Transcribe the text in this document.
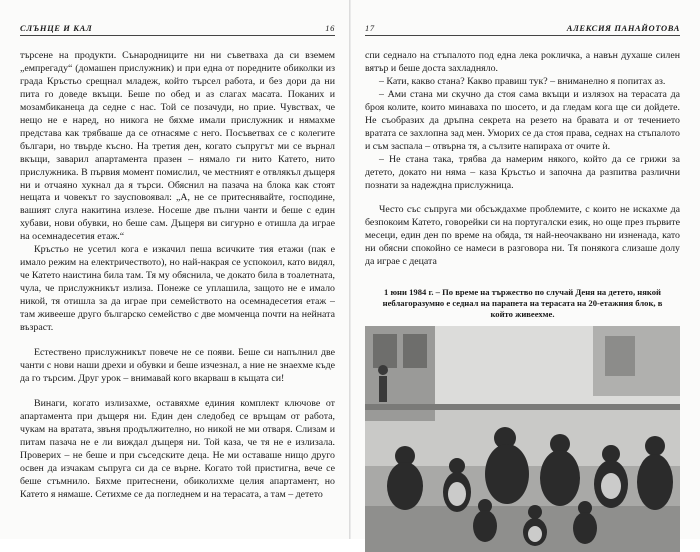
СЛЪНЦЕ И КАЛ	16

търсене на продукти. Сънародниците ни ни съветваха да си вземем „емпрегаду“ (домашен прислужник) и при една от поредните обиколки из града Кръстьо срещнал младеж, който търсел работа, и без дори да ни пита го доведе вкъщи. Беше по обед и аз слагах масата. Поканих и мозамбиканеца да седне с нас. Той се позачуди, но приe. Чувствах, че нещо не е наред, но никога не бяхме имали прислужник и нямахме представа как трябваше да се отнасяме с него. Посъветвах се с колегите българи, но твърде късно. На третия ден, когато съпругът ми се върнал вкъщи, заварил апартамента празен – нямало ги нито Катето, нито прислужника. В първия момент помислил, че местният е отвлякъл дъщеря ни и отчаяно хукнал да я търси. Обяснил на пазача на блока как стоят нещата и човекът го заусповоявал: „А, не се притеснявайте, господине, вашият слуга накитина излезе. Носеше две пълни чанти и беше с един хубави, нови обувки, но беше сам. Дъщеря ви сигурно е отишла да играе на осемнадесетия етаж.“

Кръстьо не усетил кога е изкачил пеша всичките тия етажи (пак е имало режим на електричеството), но най-накрая се успокоил, като видял, че Катето наистина била там. Тя му обяснила, че докато била в тоалетната, чула, че прислужникът излиза. Понеже се уплашила, защото не е имало никой, тя отишла за да играе при семейството на осемнадесетия етаж – там живееше друго българско семейство с две момченца почти на нейната възраст.

Естествено прислужникът повече не се появи. Беше си напълнил две чанти с нови наши дрехи и обувки и беше изчезнал, а ние не знаехме къде да го търсим. Друг урок – внимавай кого вкарваш в къщата си!

Винаги, когато излизахме, оставяхме единия комплект ключове от апартамента при дъщеря ни. Един ден следобед се връщам от работа, чукам на вратата, звъня продължително, но никой не ми отваря. Слизам и питам пазача не е ли виждал дъщеря ни. Той каза, че тя не е излизала. Проверих – не беше и при съседските деца. Не ми оставаше нищо друго освен да изчакам съпруга си да се върне. Когато той пристигна, вече се беше стъмнило. Бяхме притеснени, обиколихме целия апартамент, но Катето я нямаше. Сетихме се да погледнем и на терасата, а там – детето

17	АЛЕКСИЯ ПАНАЙОТОВА

спи седнало на стъпалото под една лека рокличка, а навън духаше силен вятър и беше доста захладняло.

– Кати, какво стана? Какво правиш тук? – вниманелно я попитах аз.

– Ами стана ми скучно да стоя сама вкъщи и излязох на терасата да броя колите, които минаваха по шосето, и да гледам кога ще си дойдете. Не съобразих да дръпна секрета на резето на бравата и от течението вратата се захлопна зад мен. Уморих се да стоя права, седнах на стъпалото и съм заспала – отвърна тя, а сълзите напираха от очите ѝ.

– Не стана така, трябва да намерим някого, който да се грижи за детето, докато ни няма – каза Кръстьо и започна да разпитва различни познати за надеждна прислужница.

Често със съпруга ми обсъждахме проблемите, с които не искахме да безпокоим Катето, говорейки си на португалски език, но още през първите месеци, един ден по време на обяда, тя най-неочаквано ни изненада, като ни обясни спокойно се намеси в разговора ни. Тя понякога слизаше долу да играе с децата

1 юни 1984 г. – По време на тържество по случай Деня на детето, някой неблагоразумно е седнал на парапета на терасата на 20-етажния блок, в който живеехме.
